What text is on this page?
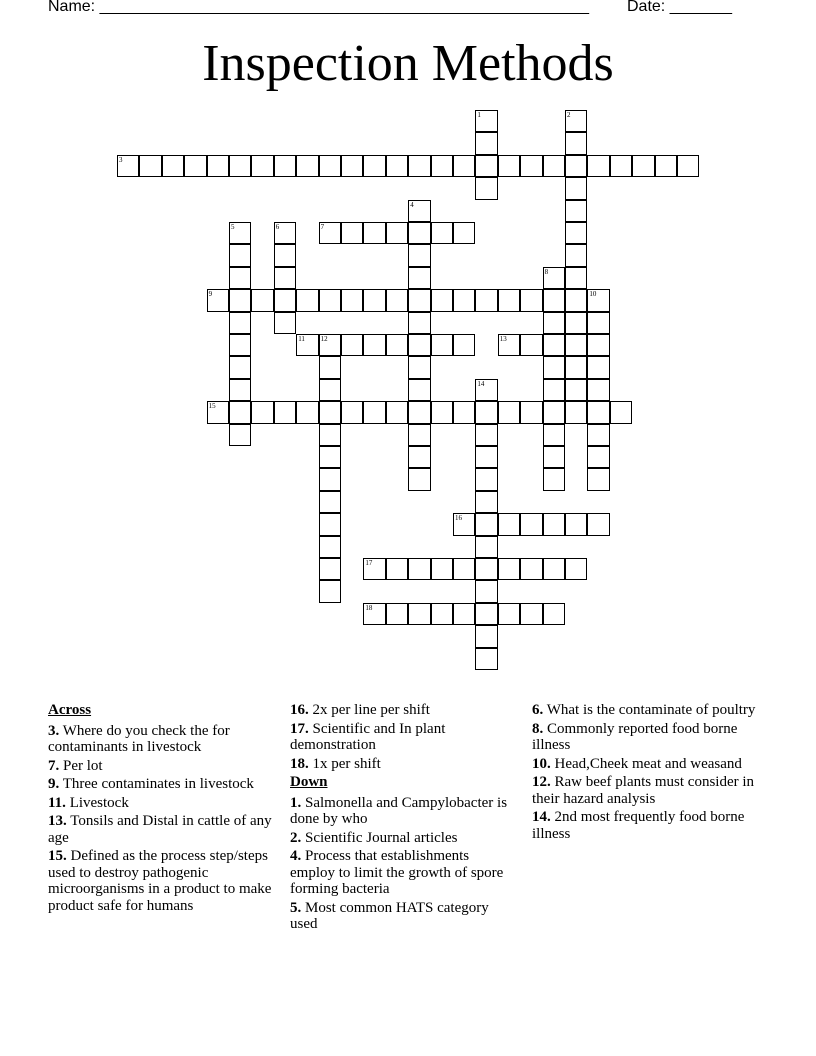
Name: _______________________________________________________ Date: _______
Inspection Methods
1	2
3
4
5	6	7
8
9	10
11 12	13
14
15
16
17
18
Across
3. Where do you check the for contaminants in livestock
7. Per lot
9. Three contaminates in livestock
11. Livestock
13. Tonsils and Distal in cattle of any age
15. Defined as the process step/steps used to destroy pathogenic microorganisms in a product to make product safe for humans
16. 2x per line per shift
17. Scientific and In plant demonstration
18. 1x per shift
Down
1. Salmonella and Campylobacter is done by who
2. Scientific Journal articles
4. Process that establishments employ to limit the growth of spore forming bacteria
5. Most common HATS category used
6. What is the contaminate of poultry
8. Commonly reported food borne illness
10. Head,Cheek meat and weasand
12. Raw beef plants must consider in their hazard analysis
14. 2nd most frequently food borne illness
